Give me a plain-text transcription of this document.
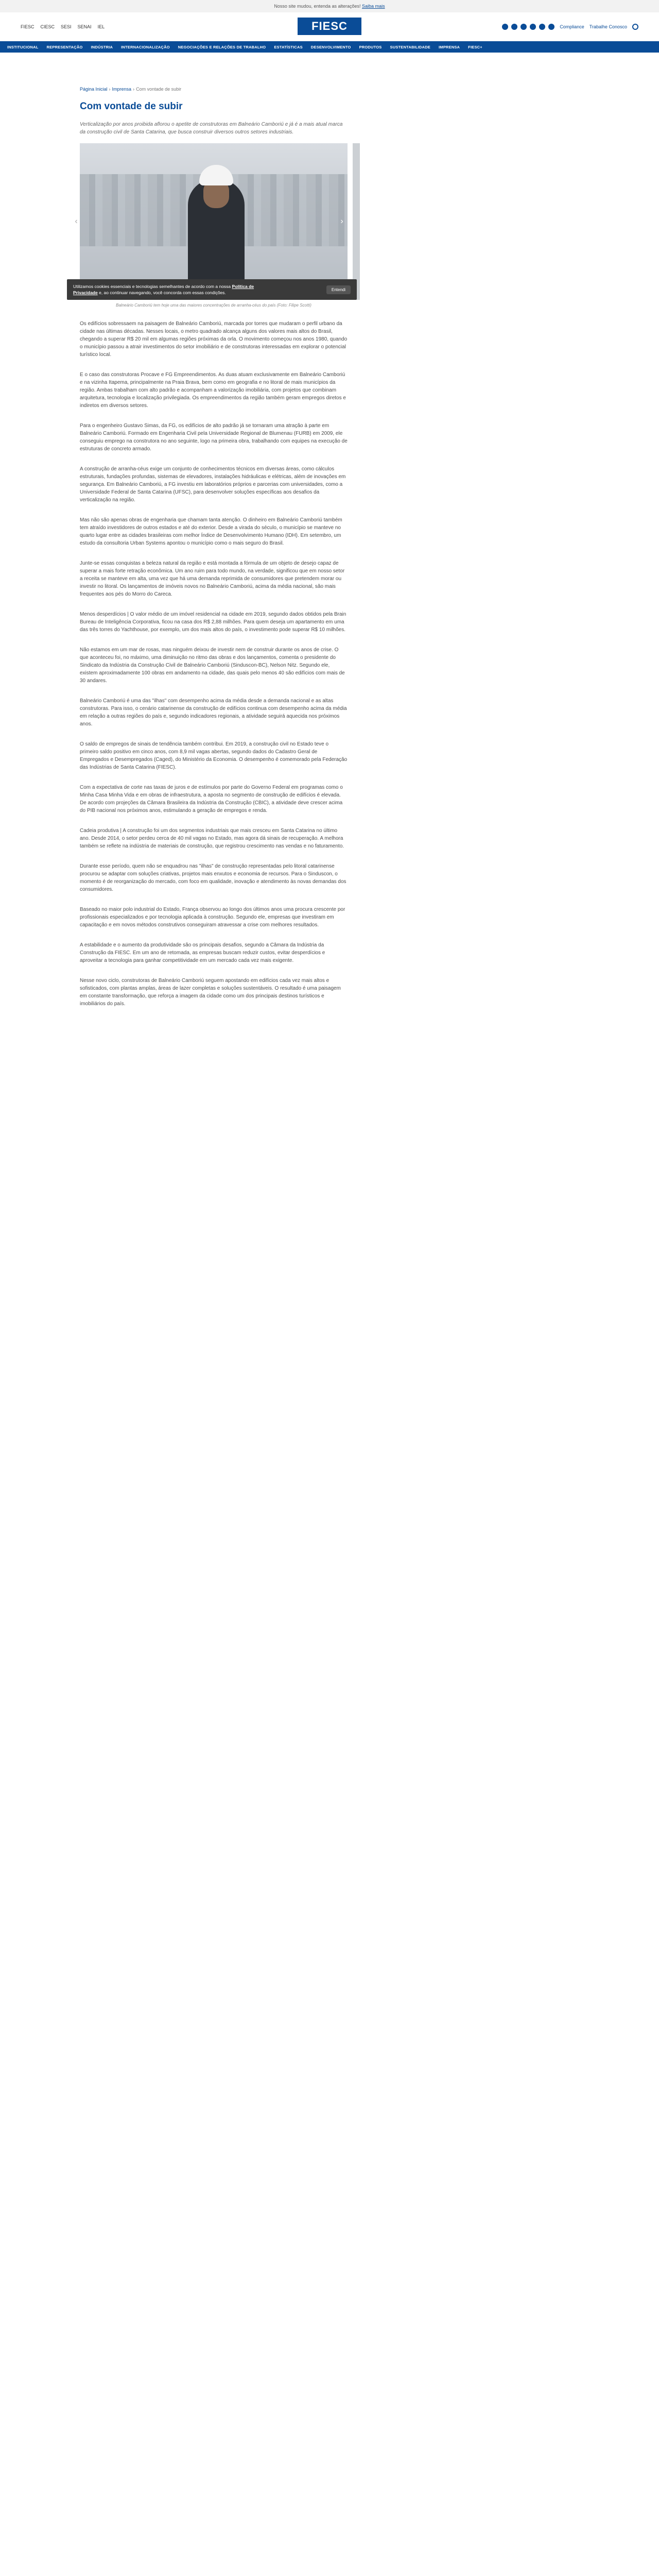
Nosso site mudou, entenda as alterações! Saiba mais
FIESC CIESC SESI SENAI IEL	FIESC	Compliance Trabalhe Conosco
INSTITUCIONAL REPRESENTAÇÃO INDÚSTRIA INTERNACIONALIZAÇÃO NEGOCIAÇÕES E RELAÇÕES DE TRABALHO ESTATÍSTICAS DESENVOLVIMENTO PRODUTOS SUSTENTABILIDADE IMPRENSA FIESC+
Página Inicial › Imprensa › Com vontade de subir
Com vontade de subir

Verticalização por anos proibida aflorou o apetite de construtoras em Balneário Camboriú e já é a mais atual marca da construção civil de Santa Catarina, que busca construir diversos outros setores industriais.

‹	›
Balneário Camboriú tem hoje uma das maiores concentrações de arranha-céus do país (Foto: Filipe Scotti)

Os edifícios sobressaem na paisagem de Balneário Camboriú, marcada por torres que mudaram o perfil urbano da cidade nas últimas décadas. Nesses locais, o metro quadrado alcança alguns dos valores mais altos do Brasil, chegando a superar R$ 20 mil em algumas regiões próximas da orla. O movimento começou nos anos 1980, quando o município passou a atrair investimentos do setor imobiliário e de construtoras interessadas em explorar o potencial turístico local.

E o caso das construtoras Procave e FG Empreendimentos. As duas atuam exclusivamente em Balneário Camboriú e na vizinha Itapema, principalmente na Praia Brava, bem como em geografia e no litoral de mais municípios da região. Ambas trabalham com alto padrão e acompanham a valorização imobiliária, com projetos que combinam arquitetura, tecnologia e localização privilegiada. Os empreendimentos da região também geram empregos diretos e indiretos em diversos setores.

Para o engenheiro Gustavo Simas, da FG, os edifícios de alto padrão já se tornaram uma atração à parte em Balneário Camboriú. Formado em Engenharia Civil pela Universidade Regional de Blumenau (FURB) em 2009, ele conseguiu emprego na construtora no ano seguinte, logo na primeira obra, trabalhando com equipes na execução de estruturas de concreto armado.

A construção de arranha-céus exige um conjunto de conhecimentos técnicos em diversas áreas, como cálculos estruturais, fundações profundas, sistemas de elevadores, instalações hidráulicas e elétricas, além de inovações em segurança. Em Balneário Camboriú, a FG investiu em laboratórios próprios e parcerias com universidades, como a Universidade Federal de Santa Catarina (UFSC), para desenvolver soluções específicas aos desafios da verticalização na região.

Mas não são apenas obras de engenharia que chamam tanta atenção. O dinheiro em Balneário Camboriú também tem atraído investidores de outros estados e até do exterior. Desde a virada do século, o município se manteve no quarto lugar entre as cidades brasileiras com melhor Índice de Desenvolvimento Humano (IDH). Em setembro, um estudo da consultoria Urban Systems apontou o município como o mais seguro do Brasil.

Junte-se essas conquistas a beleza natural da região e está montada a fórmula de um objeto de desejo capaz de superar a mais forte retração econômica. Um ano ruim para todo mundo, na verdade, significou que em nosso setor a receita se manteve em alta, uma vez que há uma demanda reprimida de consumidores que pretendem morar ou investir no litoral. Os lançamentos de imóveis novos no Balneário Camboriú, acima da média nacional, são mais frequentes aos pés do Morro do Careca.

Menos desperdícios | O valor médio de um imóvel residencial na cidade em 2019, segundo dados obtidos pela Brain Bureau de Inteligência Corporativa, ficou na casa dos R$ 2,88 milhões. Para quem deseja um apartamento em uma das três torres do Yachthouse, por exemplo, um dos mais altos do país, o investimento pode superar R$ 10 milhões.

Não estamos em um mar de rosas, mas ninguém deixou de investir nem de construir durante os anos de crise. O que aconteceu foi, no máximo, uma diminuição no ritmo das obras e dos lançamentos, comenta o presidente do Sindicato da Indústria da Construção Civil de Balneário Camboriú (Sinduscon-BC), Nelson Nitz. Segundo ele, existem aproximadamente 100 obras em andamento na cidade, das quais pelo menos 40 são edifícios com mais de 30 andares.

Balneário Camboriú é uma das "ilhas" com desempenho acima da média desde a demanda nacional e as altas construtoras. Para isso, o cenário catarinense da construção de edifícios continua com desempenho acima da média em relação a outras regiões do país e, segundo indicadores regionais, a atividade seguirá aquecida nos próximos anos.

O saldo de empregos de sinais de tendência também contribui. Em 2019, a construção civil no Estado teve o primeiro saldo positivo em cinco anos, com 8,9 mil vagas abertas, segundo dados do Cadastro Geral de Empregados e Desempregados (Caged), do Ministério da Economia. O desempenho é comemorado pela Federação das Indústrias de Santa Catarina (FIESC).

Com a expectativa de corte nas taxas de juros e de estímulos por parte do Governo Federal em programas como o Minha Casa Minha Vida e em obras de infraestrutura, a aposta no segmento de construção de edifícios é elevada. De acordo com projeções da Câmara Brasileira da Indústria da Construção (CBIC), a atividade deve crescer acima do PIB nacional nos próximos anos, estimulando a geração de empregos e renda.

Cadeia produtiva | A construção foi um dos segmentos industriais que mais cresceu em Santa Catarina no último ano. Desde 2014, o setor perdeu cerca de 40 mil vagas no Estado, mas agora dá sinais de recuperação. A melhora também se reflete na indústria de materiais de construção, que registrou crescimento nas vendas e no faturamento.

Durante esse período, quem não se enquadrou nas "ilhas" de construção representadas pelo litoral catarinense procurou se adaptar com soluções criativas, projetos mais enxutos e economia de recursos. Para o Sinduscon, o momento é de reorganização do mercado, com foco em qualidade, inovação e atendimento às novas demandas dos consumidores.

Baseado no maior polo industrial do Estado, França observou ao longo dos últimos anos uma procura crescente por profissionais especializados e por tecnologia aplicada à construção. Segundo ele, empresas que investiram em capacitação e em novos métodos construtivos conseguiram atravessar a crise com melhores resultados.

A estabilidade e o aumento da produtividade são os principais desafios, segundo a Câmara da Indústria da Construção da FIESC. Em um ano de retomada, as empresas buscam reduzir custos, evitar desperdícios e aproveitar a tecnologia para ganhar competitividade em um mercado cada vez mais exigente.

Nesse novo ciclo, construtoras de Balneário Camboriú seguem apostando em edifícios cada vez mais altos e sofisticados, com plantas amplas, áreas de lazer completas e soluções sustentáveis. O resultado é uma paisagem em constante transformação, que reforça a imagem da cidade como um dos principais destinos turísticos e imobiliários do país.

Utilizamos cookies essenciais e tecnologias semelhantes de acordo com a nossa Política de Privacidade e, ao continuar navegando, você concorda com essas condições.
Entendi
